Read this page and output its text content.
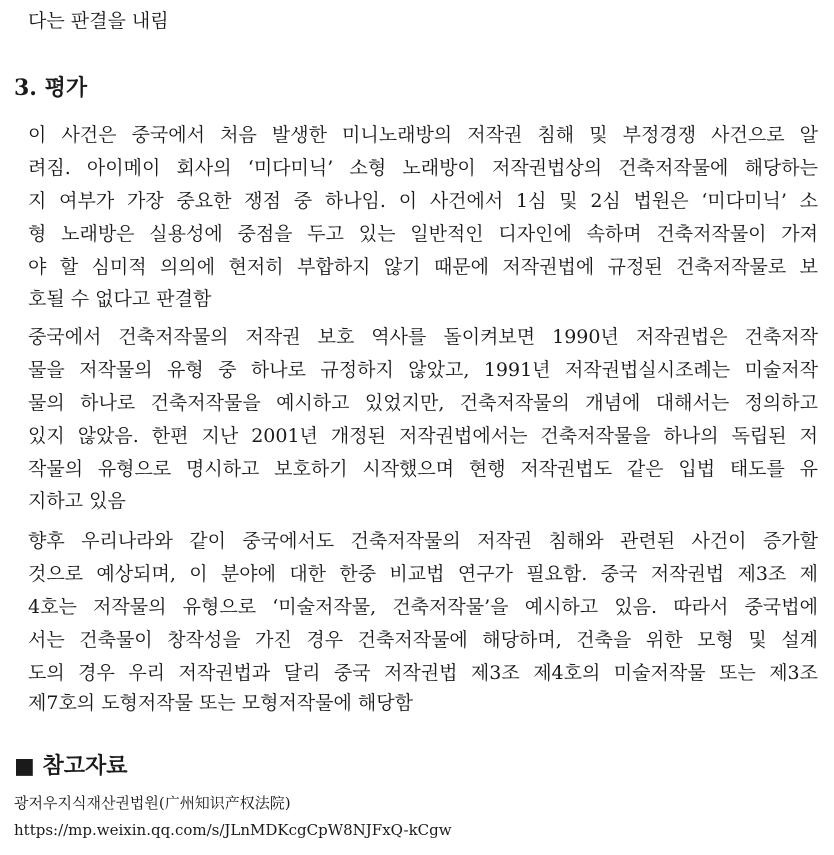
다는 판결을 내림
3. 평가
이 사건은 중국에서 처음 발생한 미니노래방의 저작권 침해 및 부정경쟁 사건으로 알
려짐. 아이메이 회사의 ‘미다미닉’ 소형 노래방이 저작권법상의 건축저작물에 해당하는
지 여부가 가장 중요한 쟁점 중 하나임. 이 사건에서 1심 및 2심 법원은 ‘미다미닉’ 소
형 노래방은 실용성에 중점을 두고 있는 일반적인 디자인에 속하며 건축저작물이 가져
야 할 심미적 의의에 현저히 부합하지 않기 때문에 저작권법에 규정된 건축저작물로 보
호될 수 없다고 판결함
중국에서 건축저작물의 저작권 보호 역사를 돌이켜보면 1990년 저작권법은 건축저작
물을 저작물의 유형 중 하나로 규정하지 않았고, 1991년 저작권법실시조례는 미술저작
물의 하나로 건축저작물을 예시하고 있었지만, 건축저작물의 개념에 대해서는 정의하고
있지 않았음. 한편 지난 2001년 개정된 저작권법에서는 건축저작물을 하나의 독립된 저
작물의 유형으로 명시하고 보호하기 시작했으며 현행 저작권법도 같은 입법 태도를 유
지하고 있음
향후 우리나라와 같이 중국에서도 건축저작물의 저작권 침해와 관련된 사건이 증가할
것으로 예상되며, 이 분야에 대한 한중 비교법 연구가 필요함. 중국 저작권법 제3조 제
4호는 저작물의 유형으로 ‘미술저작물, 건축저작물’을 예시하고 있음. 따라서 중국법에
서는 건축물이 창작성을 가진 경우 건축저작물에 해당하며, 건축을 위한 모형 및 설계
도의 경우 우리 저작권법과 달리 중국 저작권법 제3조 제4호의 미술저작물 또는 제3조
제7호의 도형저작물 또는 모형저작물에 해당함
■ 참고자료
광저우지식재산권법원(广州知识产权法院)
https://mp.weixin.qq.com/s/JLnMDKcgCpW8NJFxQ-kCgw
